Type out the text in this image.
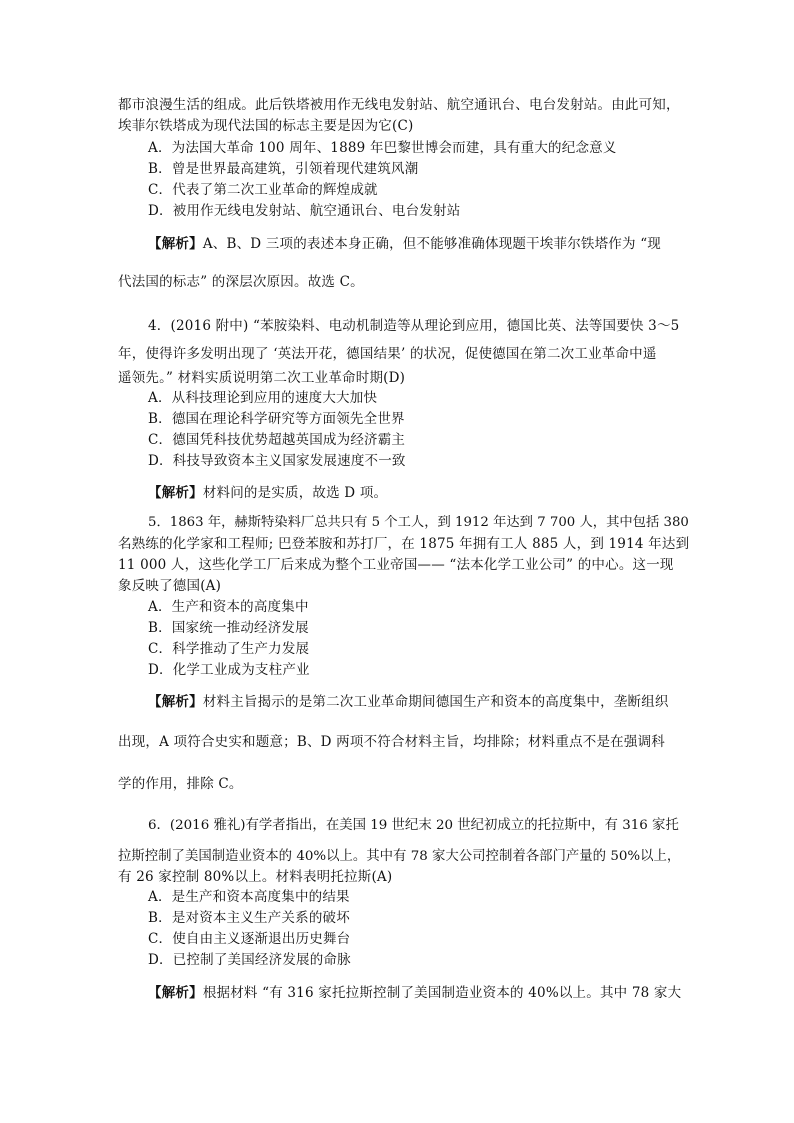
都市浪漫生活的组成。此后铁塔被用作无线电发射站、航空通讯台、电台发射站。由此可知，
埃菲尔铁塔成为现代法国的标志主要是因为它(C)
A．为法国大革命 100 周年、1889 年巴黎世博会而建，具有重大的纪念意义
B．曾是世界最高建筑，引领着现代建筑风潮
C．代表了第二次工业革命的辉煌成就
D．被用作无线电发射站、航空通讯台、电台发射站
【解析】A、B、D 三项的表述本身正确，但不能够准确体现题干埃菲尔铁塔作为 “现
代法国的标志” 的深层次原因。故选 C。
4．(2016 附中) “苯胺染料、电动机制造等从理论到应用，德国比英、法等国要快 3～5
年，使得许多发明出现了 ‘英法开花，德国结果’ 的状况，促使德国在第二次工业革命中遥
遥领先。” 材料实质说明第二次工业革命时期(D)
A．从科技理论到应用的速度大大加快
B．德国在理论科学研究等方面领先全世界
C．德国凭科技优势超越英国成为经济霸主
D．科技导致资本主义国家发展速度不一致
【解析】材料问的是实质，故选 D 项。
5．1863 年，赫斯特染料厂总共只有 5 个工人，到 1912 年达到 7 700 人，其中包括 380
名熟练的化学家和工程师; 巴登苯胺和苏打厂，在 1875 年拥有工人 885 人，到 1914 年达到
11 000 人，这些化学工厂后来成为整个工业帝国—— “法本化学工业公司” 的中心。这一现
象反映了德国(A)
A．生产和资本的高度集中
B．国家统一推动经济发展
C．科学推动了生产力发展
D．化学工业成为支柱产业
【解析】材料主旨揭示的是第二次工业革命期间德国生产和资本的高度集中，垄断组织
出现，A 项符合史实和题意；B、D 两项不符合材料主旨，均排除；材料重点不是在强调科
学的作用，排除 C。
6．(2016 雅礼)有学者指出，在美国 19 世纪末 20 世纪初成立的托拉斯中，有 316 家托
拉斯控制了美国制造业资本的 40%以上。其中有 78 家大公司控制着各部门产量的 50%以上，
有 26 家控制 80%以上。材料表明托拉斯(A)
A．是生产和资本高度集中的结果
B．是对资本主义生产关系的破坏
C．使自由主义逐渐退出历史舞台
D．已控制了美国经济发展的命脉
【解析】根据材料 “有 316 家托拉斯控制了美国制造业资本的 40%以上。其中 78 家大
